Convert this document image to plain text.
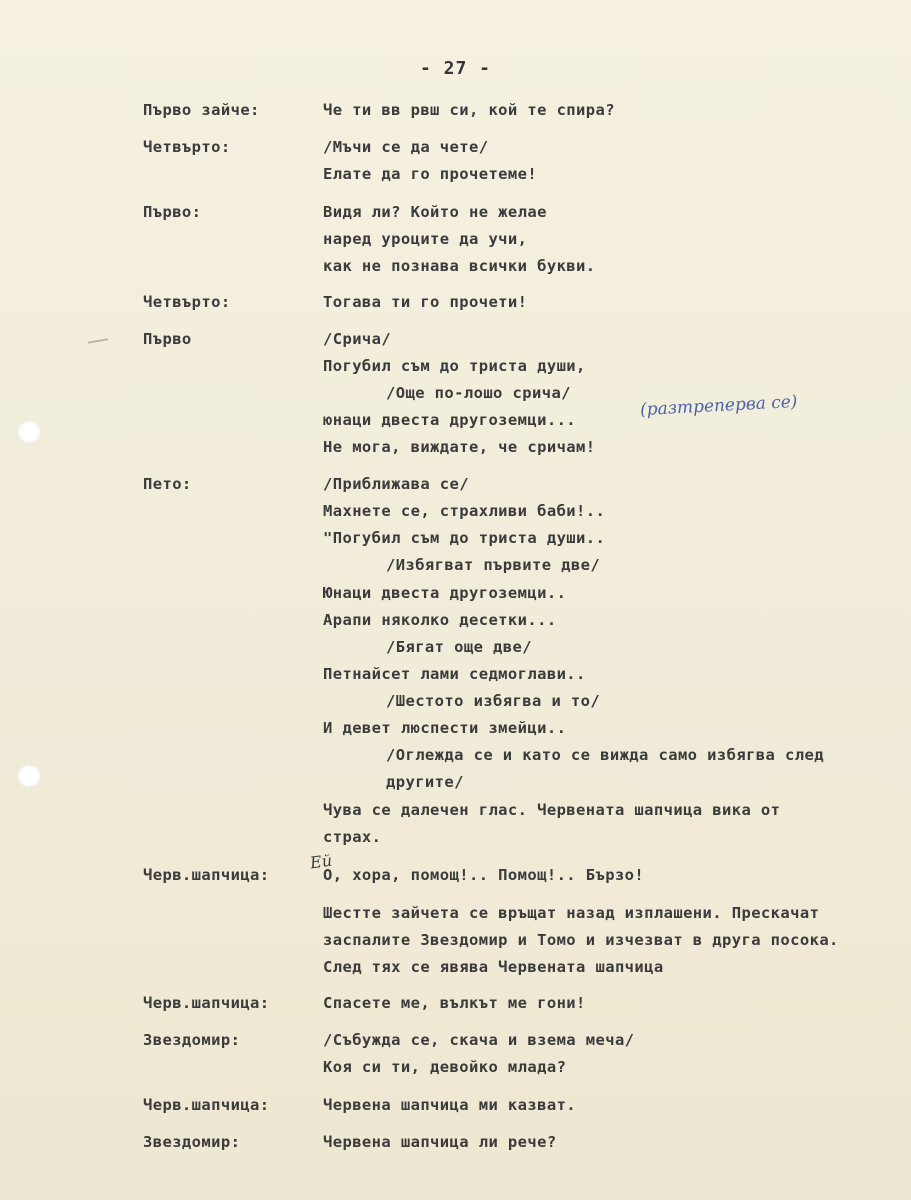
- 27 -
Първо зайче:	Че ти вв рвш си, кой те спира?
Четвърто:	/Мъчи се да чете/
Елате да го прочетеме!
Първо:	Видя ли? Който не желае
наред уроците да учи,
как не познава всички букви.
Четвърто:	Тогава ти го прочети!
Първо	/Сричa/
Погубил съм до триста души,
/Още по-лошо срича/
юнаци двеста другоземци...
Не мога, виждате, че сричам!
Пето:	/Приближава се/
Махнете се, страхливи баби!..
"Погубил съм до триста души..
/Избягват първите две/
Юнаци двеста другоземци..
Арапи няколко десетки...
/Бягат още две/
Петнайсет лами седмоглави..
/Шестото избягва и то/
И девет люспести змейци..
/Оглежда се и като се вижда само избягва след
другите/
Чува се далечен глас. Червената шапчица вика от
страх.
Черв.шапчица:	О, хора, помощ!.. Помощ!.. Бързо!
Шестте зайчета се връщат назад изплашени. Прескачат
заспалите Звездомир и Томо и изчезват в друга посока.
След тях се явява Червената шапчица
Черв.шапчица:	Спасете ме, вълкът ме гони!
Звездомир:	/Събужда се, скача и взема меча/
Коя си ти, девойко млада?
Черв.шапчица:	Червена шапчица ми казват.
Звездомир:	Червена шапчица ли рече?
(разтреперва се)
Ей
